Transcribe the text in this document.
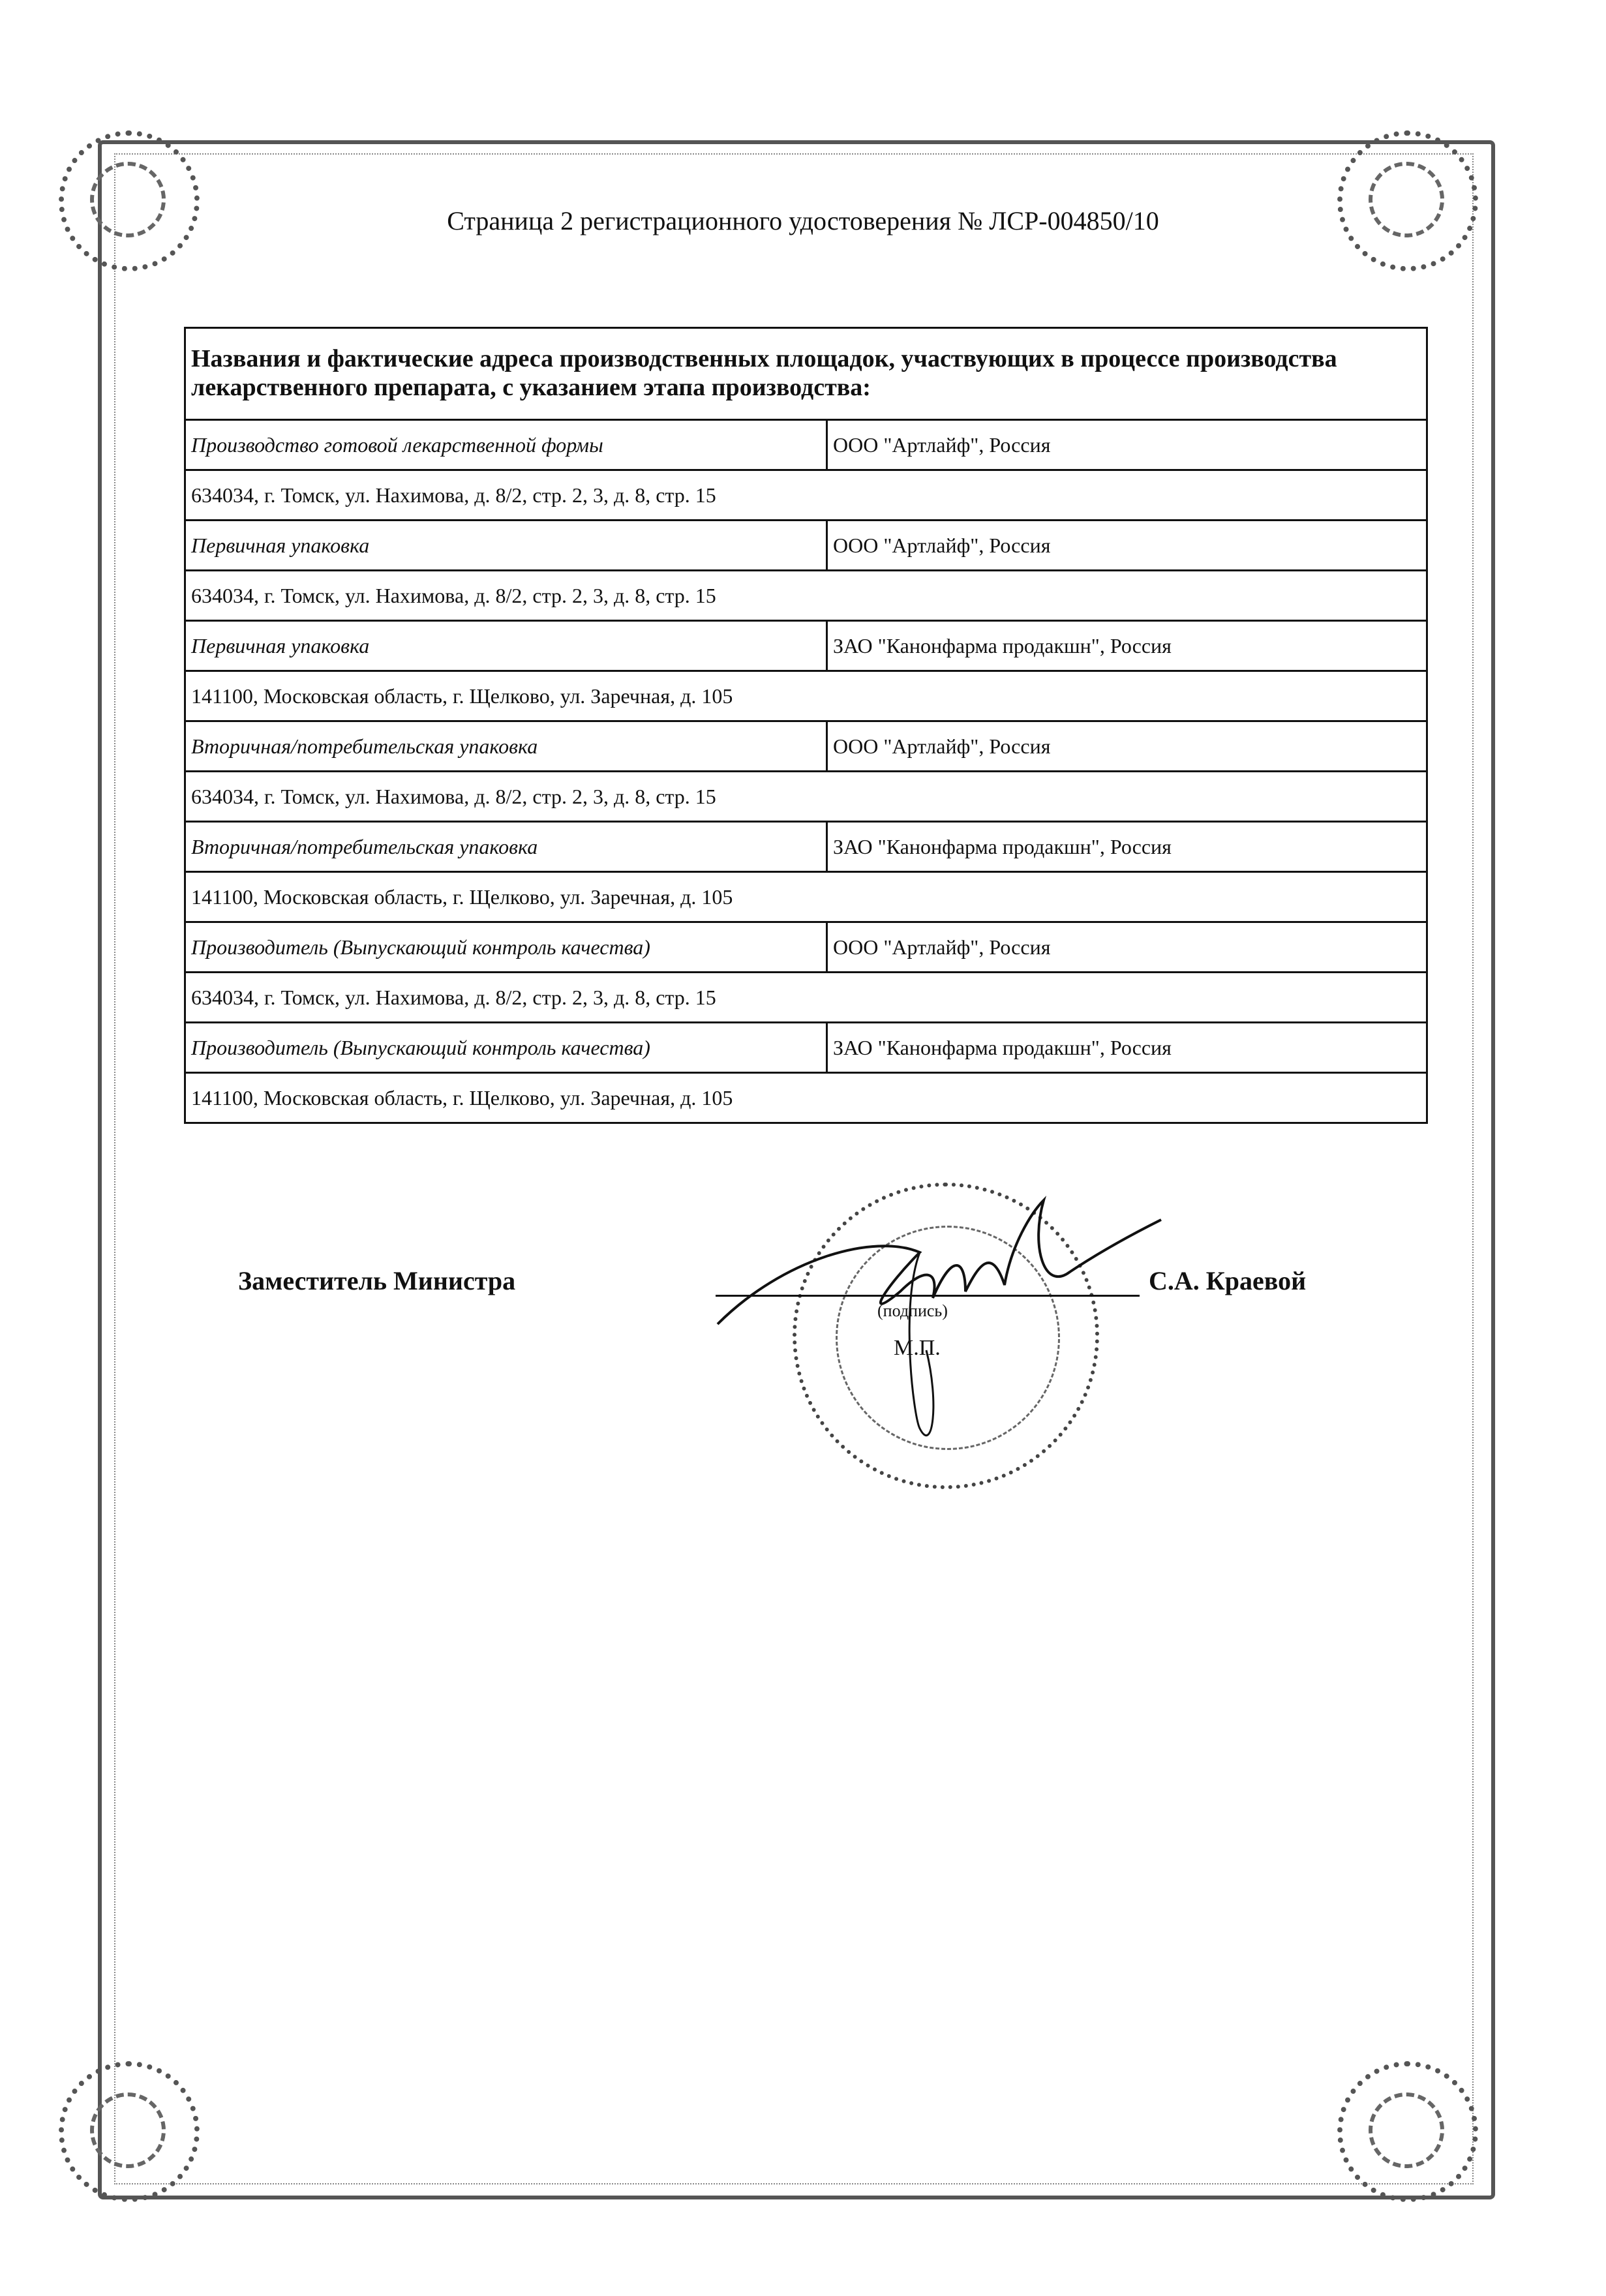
Страница 2 регистрационного удостоверения № ЛСР-004850/10
Названия и фактические адреса производственных площадок, участвующих в процессе производства лекарственного препарата, с указанием этапа производства:	
Производство готовой лекарственной формы	ООО "Артлайф", Россия
634034, г. Томск, ул. Нахимова, д. 8/2, стр. 2, 3, д. 8, стр. 15	
Первичная упаковка	ООО "Артлайф", Россия
634034, г. Томск, ул. Нахимова, д. 8/2, стр. 2, 3, д. 8, стр. 15	
Первичная упаковка	ЗАО "Канонфарма продакшн", Россия
141100, Московская область, г. Щелково, ул. Заречная, д. 105	
Вторичная/потребительская упаковка	ООО "Артлайф", Россия
634034, г. Томск, ул. Нахимова, д. 8/2, стр. 2, 3, д. 8, стр. 15	
Вторичная/потребительская упаковка	ЗАО "Канонфарма продакшн", Россия
141100, Московская область, г. Щелково, ул. Заречная, д. 105	
Производитель (Выпускающий контроль качества)	ООО "Артлайф", Россия
634034, г. Томск, ул. Нахимова, д. 8/2, стр. 2, 3, д. 8, стр. 15	
Производитель (Выпускающий контроль качества)	ЗАО "Канонфарма продакшн", Россия
141100, Московская область, г. Щелково, ул. Заречная, д. 105	
Заместитель Министра
(подпись)
М.П.
С.А. Краевой
